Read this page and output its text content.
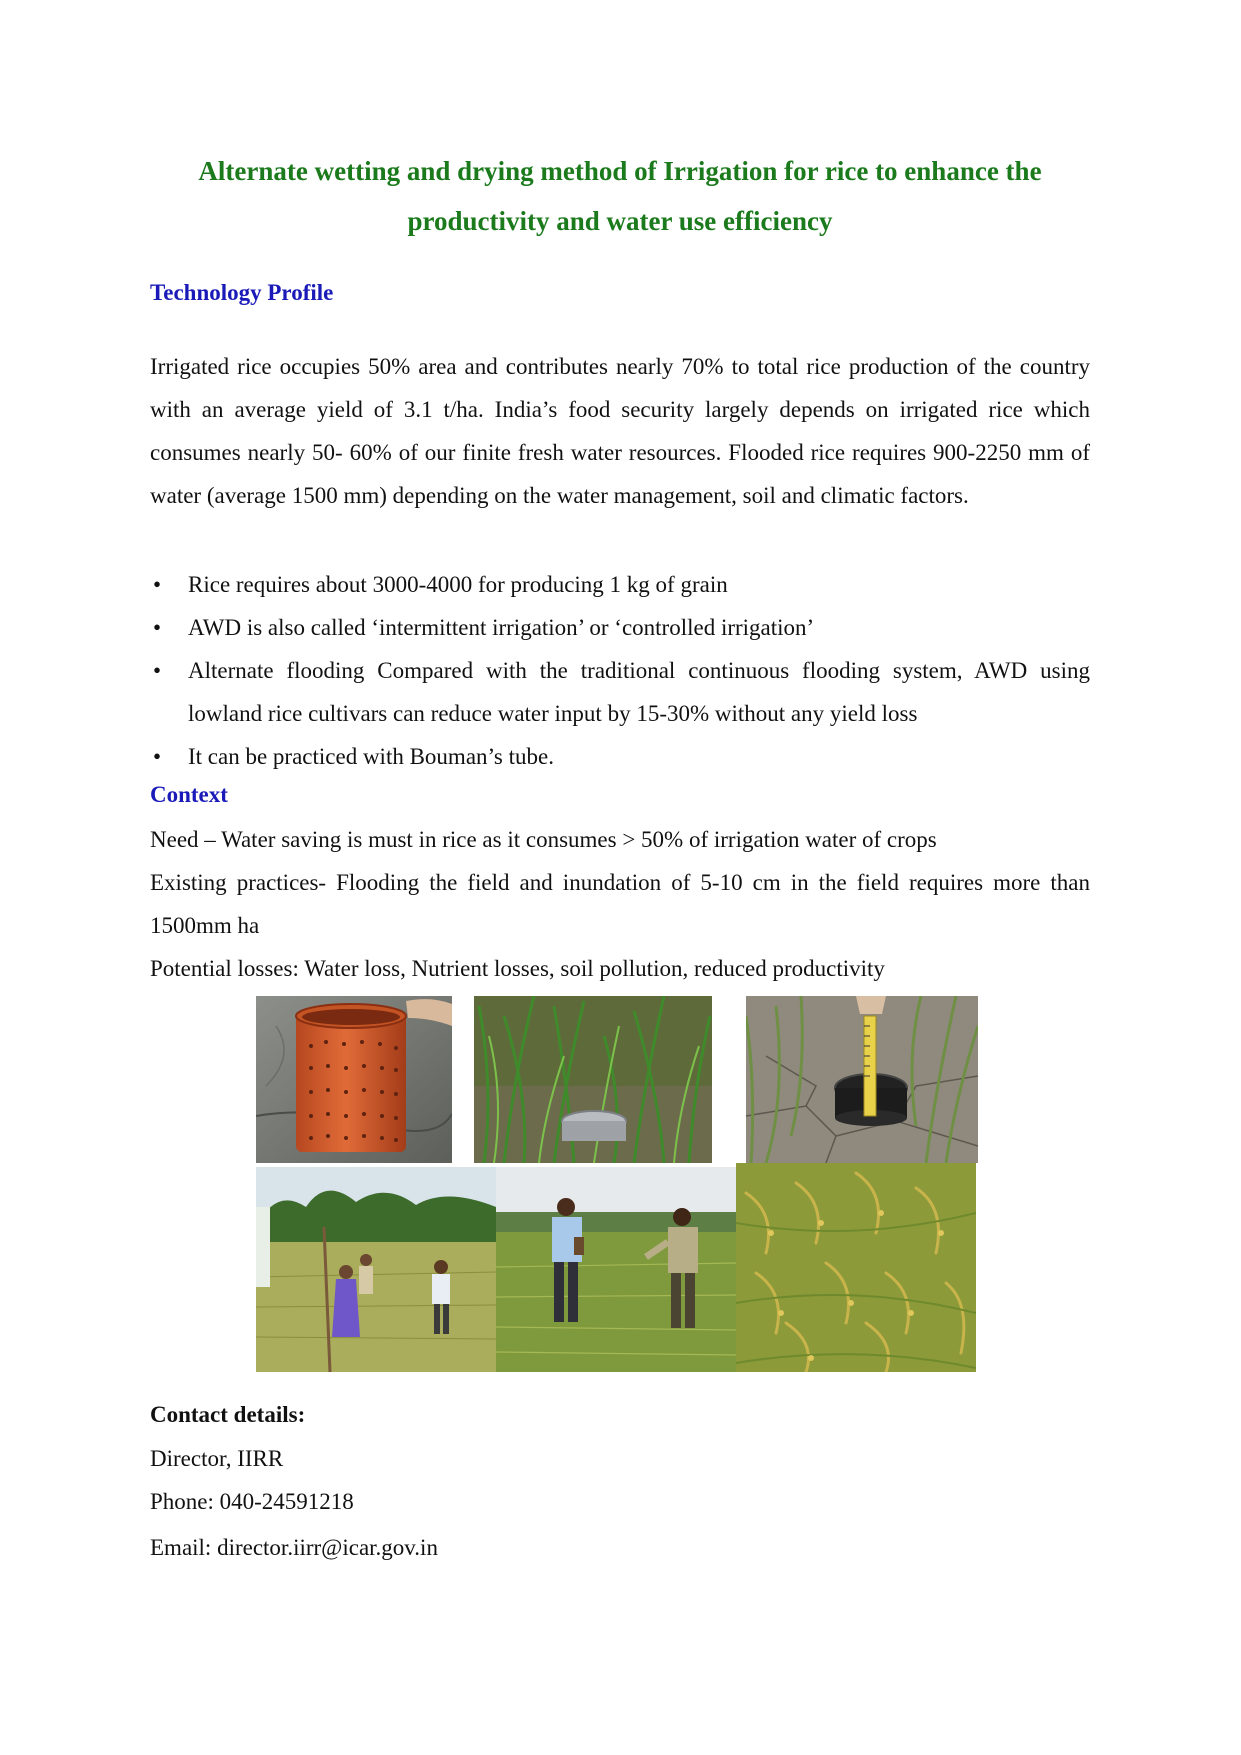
Alternate wetting and drying method of Irrigation for rice to enhance the
productivity and water use efficiency
Technology Profile
Irrigated rice occupies 50% area and contributes nearly 70% to total rice production of the country with an average yield of 3.1 t/ha. India’s food security largely depends on irrigated rice which consumes nearly 50- 60% of our finite fresh water resources. Flooded rice requires 900-2250 mm of water (average 1500 mm) depending on the water management, soil and climatic factors.
• Rice requires about 3000-4000 for producing 1 kg of grain
• AWD is also called ‘intermittent irrigation’ or ‘controlled irrigation’
• Alternate flooding Compared with the traditional continuous flooding system, AWD using lowland rice cultivars can reduce water input by 15-30% without any yield loss
• It can be practiced with Bouman’s tube.
Context
Need – Water saving is must in rice as it consumes > 50% of irrigation water of crops
Existing practices- Flooding the field and inundation of 5-10 cm in the field requires more than 1500mm ha
Potential losses: Water loss, Nutrient losses, soil pollution, reduced productivity
Contact details:
Director, IIRR
Phone: 040-24591218
Email: director.iirr@icar.gov.in
